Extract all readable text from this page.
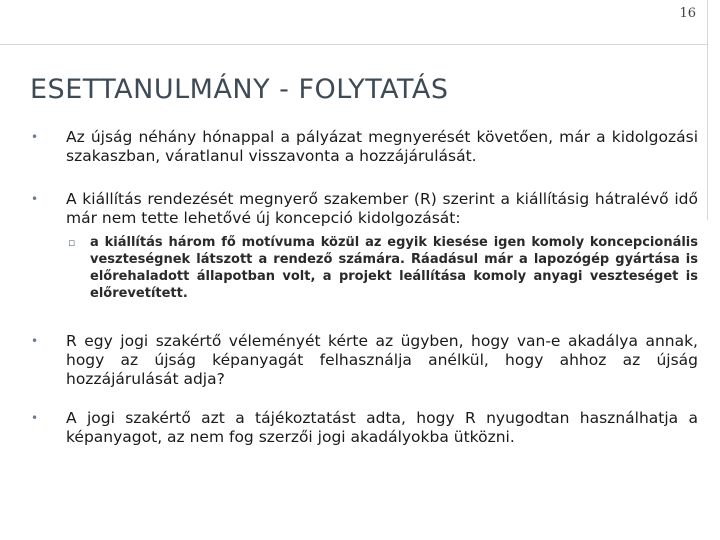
16
ESETTANULMÁNY - FOLYTATÁS
• Az újság néhány hónappal a pályázat megnyerését követően, már a kidolgozási szakaszban, váratlanul visszavonta a hozzájárulását.
• A kiállítás rendezését megnyerő szakember (R) szerint a kiállításig hátralévő idő már nem tette lehetővé új koncepció kidolgozását:
▫ a kiállítás három fő motívuma közül az egyik kiesése igen komoly koncepcionális veszteségnek látszott a rendező számára. Ráadásul már a lapozógép gyártása is előrehaladott állapotban volt, a projekt leállítása komoly anyagi veszteséget is előrevetített.
• R egy jogi szakértő véleményét kérte az ügyben, hogy van-e akadálya annak, hogy az újság képanyagát felhasználja anélkül, hogy ahhoz az újság hozzájárulását adja?
• A jogi szakértő azt a tájékoztatást adta, hogy R nyugodtan használhatja a képanyagot, az nem fog szerzői jogi akadályokba ütközni.
